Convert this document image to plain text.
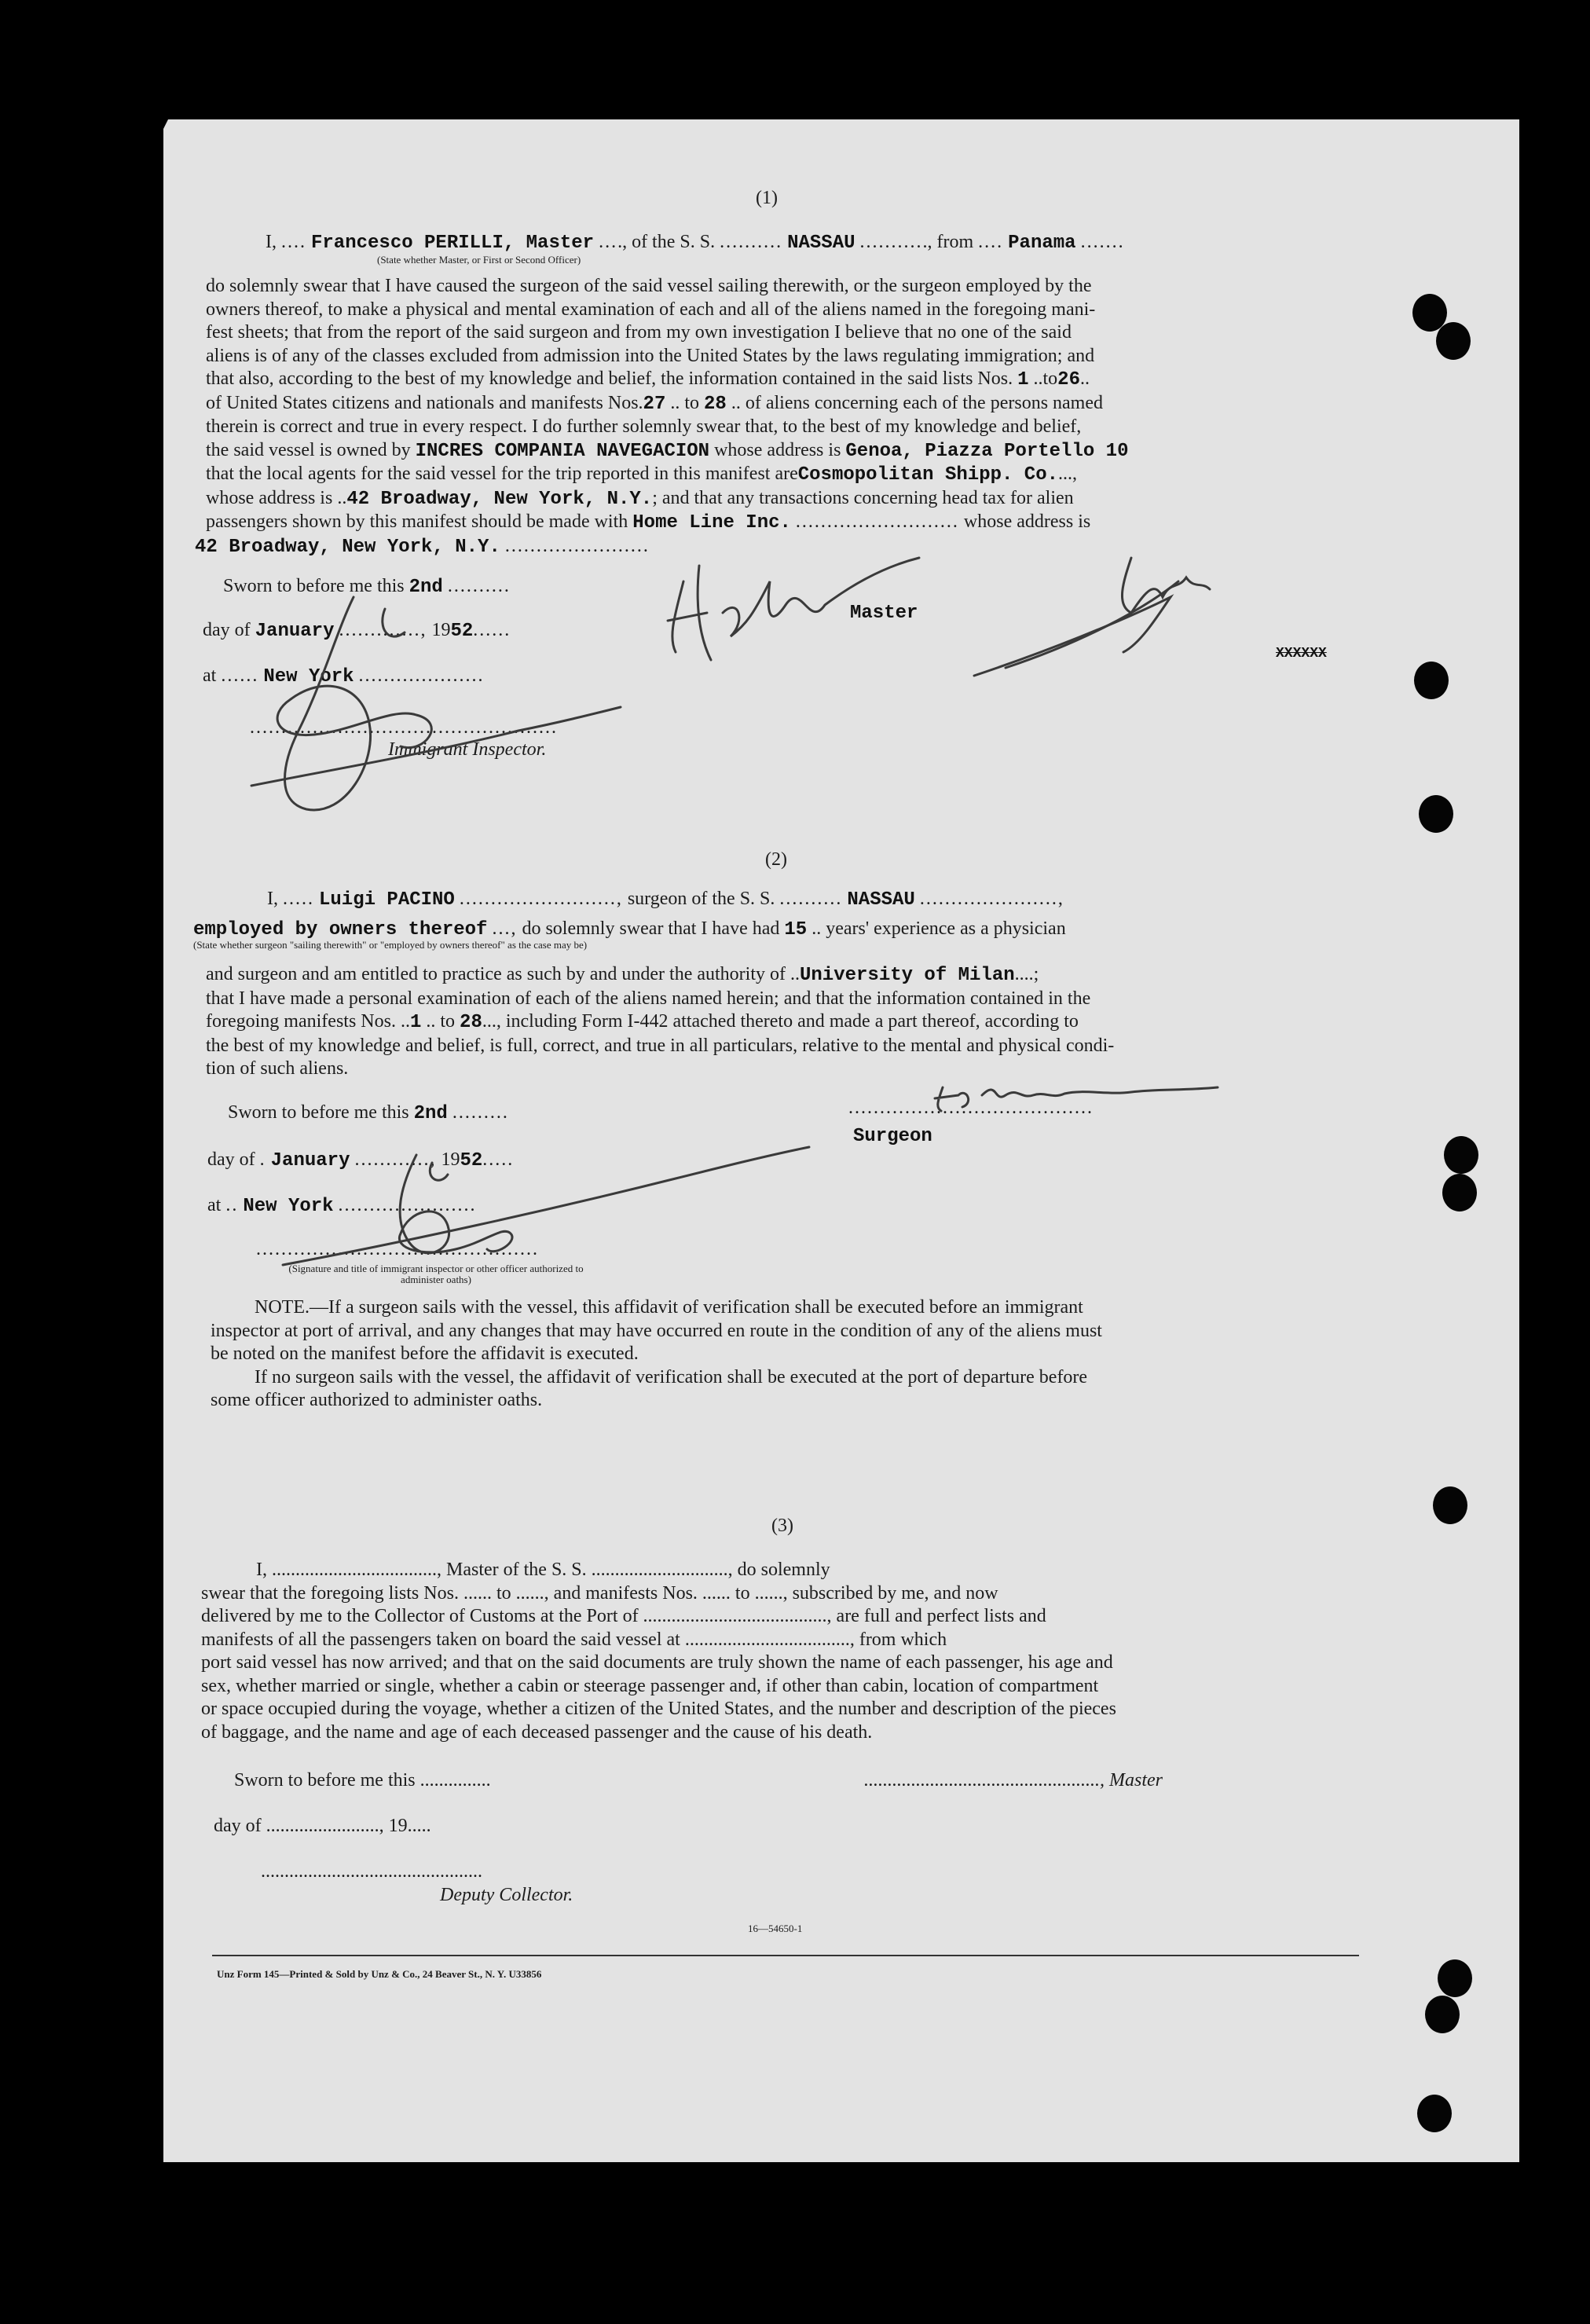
(1)
I, .... Francesco PERILLI, Master ...., of the S. S. .......... NASSAU ..........., from .... Panama .......
(State whether Master, or First or Second Officer)
do solemnly swear that I have caused the surgeon of the said vessel sailing therewith, or the surgeon employed by the
owners thereof, to make a physical and mental examination of each and all of the aliens named in the foregoing mani-
fest sheets; that from the report of the said surgeon and from my own investigation I believe that no one of the said
aliens is of any of the classes excluded from admission into the United States by the laws regulating immigration; and
that also, according to the best of my knowledge and belief, the information contained in the said lists Nos. 1 ..to26..
of United States citizens and nationals and manifests Nos.27 .. to 28 .. of aliens concerning each of the persons named
therein is correct and true in every respect. I do further solemnly swear that, to the best of my knowledge and belief,
the said vessel is owned by INCRES COMPANIA NAVEGACION whose address is Genoa, Piazza Portello 10
that the local agents for the said vessel for the trip reported in this manifest areCosmopolitan Shipp. Co....,
whose address is ..42 Broadway, New York, N.Y.; and that any transactions concerning head tax for alien
passengers shown by this manifest should be made with Home Line Inc. .......................... whose address is
42 Broadway, New York, N.Y. .......................
Sworn to before me this 2nd ..........
day of January ............., 1952......
at ...... New York ....................
.................................................
Immigrant Inspector.
Master
XXXXXX
(2)
I, ..... Luigi PACINO ........................., surgeon of the S. S. .......... NASSAU ......................,
employed by owners thereof ..., do solemnly swear that I have had 15 .. years' experience as a physician
(State whether surgeon "sailing therewith" or "employed by owners thereof" as the case may be)
and surgeon and am entitled to practice as such by and under the authority of ..University of Milan....;
that I have made a personal examination of each of the aliens named herein; and that the information contained in the
foregoing manifests Nos. ..1 .. to 28..., including Form I-442 attached thereto and made a part thereof, according to
the best of my knowledge and belief, is full, correct, and true in all particulars, relative to the mental and physical condi-
tion of such aliens.
Sworn to before me this 2nd .........
day of . January ............, 1952.....
at .. New York ......................
.............................................
(Signature and title of immigrant inspector or other officer authorized to administer oaths)
.......................................
Surgeon
NOTE.—If a surgeon sails with the vessel, this affidavit of verification shall be executed before an immigrant
inspector at port of arrival, and any changes that may have occurred en route in the condition of any of the aliens must
be noted on the manifest before the affidavit is executed.
If no surgeon sails with the vessel, the affidavit of verification shall be executed at the port of departure before
some officer authorized to administer oaths.
(3)
I, ..................................., Master of the S. S. ............................., do solemnly
swear that the foregoing lists Nos. ...... to ......, and manifests Nos. ...... to ......, subscribed by me, and now
delivered by me to the Collector of Customs at the Port of ......................................., are full and perfect lists and
manifests of all the passengers taken on board the said vessel at ..................................., from which
port said vessel has now arrived; and that on the said documents are truly shown the name of each passenger, his age and
sex, whether married or single, whether a cabin or steerage passenger and, if other than cabin, location of compartment
or space occupied during the voyage, whether a citizen of the United States, and the number and description of the pieces
of baggage, and the name and age of each deceased passenger and the cause of his death.
Sworn to before me this ...............	.................................................., Master
day of ........................, 19.....
...............................................
Deputy Collector.
16—54650-1
Unz Form 145—Printed & Sold by Unz & Co., 24 Beaver St., N. Y. U33856
